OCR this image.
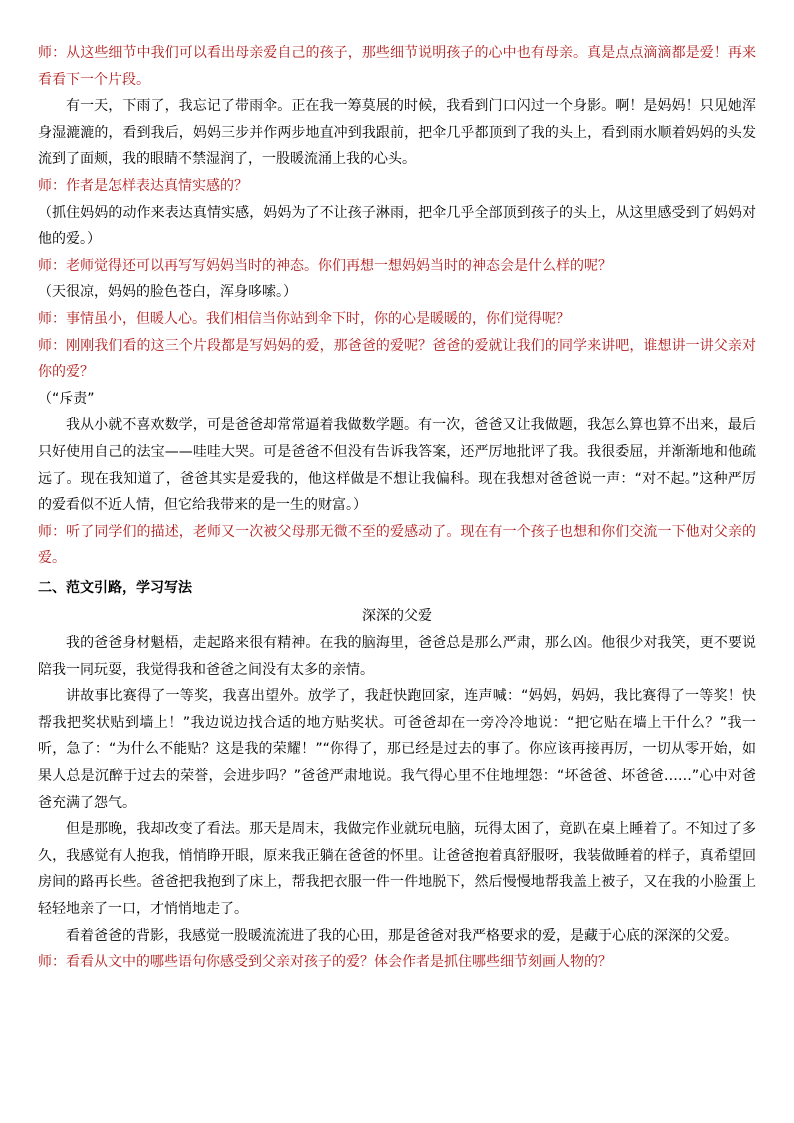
师：从这些细节中我们可以看出母亲爱自己的孩子，那些细节说明孩子的心中也有母亲。真是点点滴滴都是爱！再来看看下一个片段。

有一天，下雨了，我忘记了带雨伞。正在我一筹莫展的时候，我看到门口闪过一个身影。啊！是妈妈！只见她浑身湿漉漉的，看到我后，妈妈三步并作两步地直冲到我跟前，把伞几乎都顶到了我的头上，看到雨水顺着妈妈的头发流到了面颊，我的眼睛不禁湿润了，一股暖流涌上我的心头。

师：作者是怎样表达真情实感的？

（抓住妈妈的动作来表达真情实感，妈妈为了不让孩子淋雨，把伞几乎全部顶到孩子的头上，从这里感受到了妈妈对他的爱。）

师：老师觉得还可以再写写妈妈当时的神态。你们再想一想妈妈当时的神态会是什么样的呢？

（天很凉，妈妈的脸色苍白，浑身哆嗦。）

师：事情虽小，但暖人心。我们相信当你站到伞下时，你的心是暖暖的，你们觉得呢？

师：刚刚我们看的这三个片段都是写妈妈的爱，那爸爸的爱呢？爸爸的爱就让我们的同学来讲吧，谁想讲一讲父亲对你的爱？

（“斥责”

我从小就不喜欢数学，可是爸爸却常常逼着我做数学题。有一次，爸爸又让我做题，我怎么算也算不出来，最后只好使用自己的法宝——哇哇大哭。可是爸爸不但没有告诉我答案，还严厉地批评了我。我很委屈，并渐渐地和他疏远了。现在我知道了，爸爸其实是爱我的，他这样做是不想让我偏科。现在我想对爸爸说一声：“对不起。”这种严厉的爱看似不近人情，但它给我带来的是一生的财富。）

师：听了同学们的描述，老师又一次被父母那无微不至的爱感动了。现在有一个孩子也想和你们交流一下他对父亲的爱。

二、范文引路，学习写法

深深的父爱

我的爸爸身材魁梧，走起路来很有精神。在我的脑海里，爸爸总是那么严肃，那么凶。他很少对我笑，更不要说陪我一同玩耍，我觉得我和爸爸之间没有太多的亲情。

讲故事比赛得了一等奖，我喜出望外。放学了，我赶快跑回家，连声喊：“妈妈，妈妈，我比赛得了一等奖！快帮我把奖状贴到墙上！”我边说边找合适的地方贴奖状。可爸爸却在一旁冷冷地说：“把它贴在墙上干什么？”我一听，急了：“为什么不能贴？这是我的荣耀！”“你得了，那已经是过去的事了。你应该再接再厉，一切从零开始，如果人总是沉醉于过去的荣誉，会进步吗？”爸爸严肃地说。我气得心里不住地埋怨：“坏爸爸、坏爸爸……”心中对爸爸充满了怨气。

但是那晚，我却改变了看法。那天是周末，我做完作业就玩电脑，玩得太困了，竟趴在桌上睡着了。不知过了多久，我感觉有人抱我，悄悄睁开眼，原来我正躺在爸爸的怀里。让爸爸抱着真舒服呀，我装做睡着的样子，真希望回房间的路再长些。爸爸把我抱到了床上，帮我把衣服一件一件地脱下，然后慢慢地帮我盖上被子，又在我的小脸蛋上轻轻地亲了一口，才悄悄地走了。

看着爸爸的背影，我感觉一股暖流流进了我的心田，那是爸爸对我严格要求的爱，是藏于心底的深深的父爱。

师：看看从文中的哪些语句你感受到父亲对孩子的爱？体会作者是抓住哪些细节刻画人物的？
